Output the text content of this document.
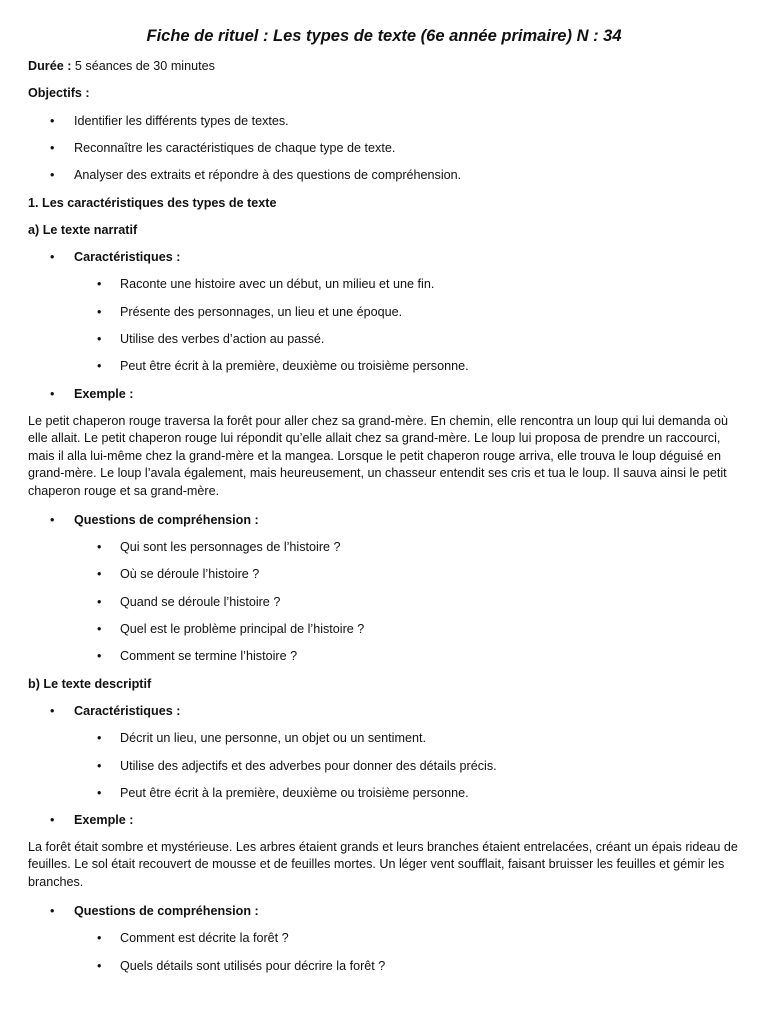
Fiche de rituel : Les types de texte (6e année primaire) N : 34
Durée : 5 séances de 30 minutes
Objectifs :
• Identifier les différents types de textes.
• Reconnaître les caractéristiques de chaque type de texte.
• Analyser des extraits et répondre à des questions de compréhension.
1. Les caractéristiques des types de texte
a) Le texte narratif
• Caractéristiques :
• Raconte une histoire avec un début, un milieu et une fin.
• Présente des personnages, un lieu et une époque.
• Utilise des verbes d’action au passé.
• Peut être écrit à la première, deuxième ou troisième personne.
• Exemple :
Le petit chaperon rouge traversa la forêt pour aller chez sa grand-mère. En chemin, elle rencontra un loup qui lui demanda où elle allait. Le petit chaperon rouge lui répondit qu’elle allait chez sa grand-mère. Le loup lui proposa de prendre un raccourci, mais il alla lui-même chez la grand-mère et la mangea. Lorsque le petit chaperon rouge arriva, elle trouva le loup déguisé en grand-mère. Le loup l’avala également, mais heureusement, un chasseur entendit ses cris et tua le loup. Il sauva ainsi le petit chaperon rouge et sa grand-mère.
• Questions de compréhension :
• Qui sont les personnages de l’histoire ?
• Où se déroule l’histoire ?
• Quand se déroule l’histoire ?
• Quel est le problème principal de l’histoire ?
• Comment se termine l’histoire ?
b) Le texte descriptif
• Caractéristiques :
• Décrit un lieu, une personne, un objet ou un sentiment.
• Utilise des adjectifs et des adverbes pour donner des détails précis.
• Peut être écrit à la première, deuxième ou troisième personne.
• Exemple :
La forêt était sombre et mystérieuse. Les arbres étaient grands et leurs branches étaient entrelacées, créant un épais rideau de feuilles. Le sol était recouvert de mousse et de feuilles mortes. Un léger vent soufflait, faisant bruisser les feuilles et gémir les branches.
• Questions de compréhension :
• Comment est décrite la forêt ?
• Quels détails sont utilisés pour décrire la forêt ?
